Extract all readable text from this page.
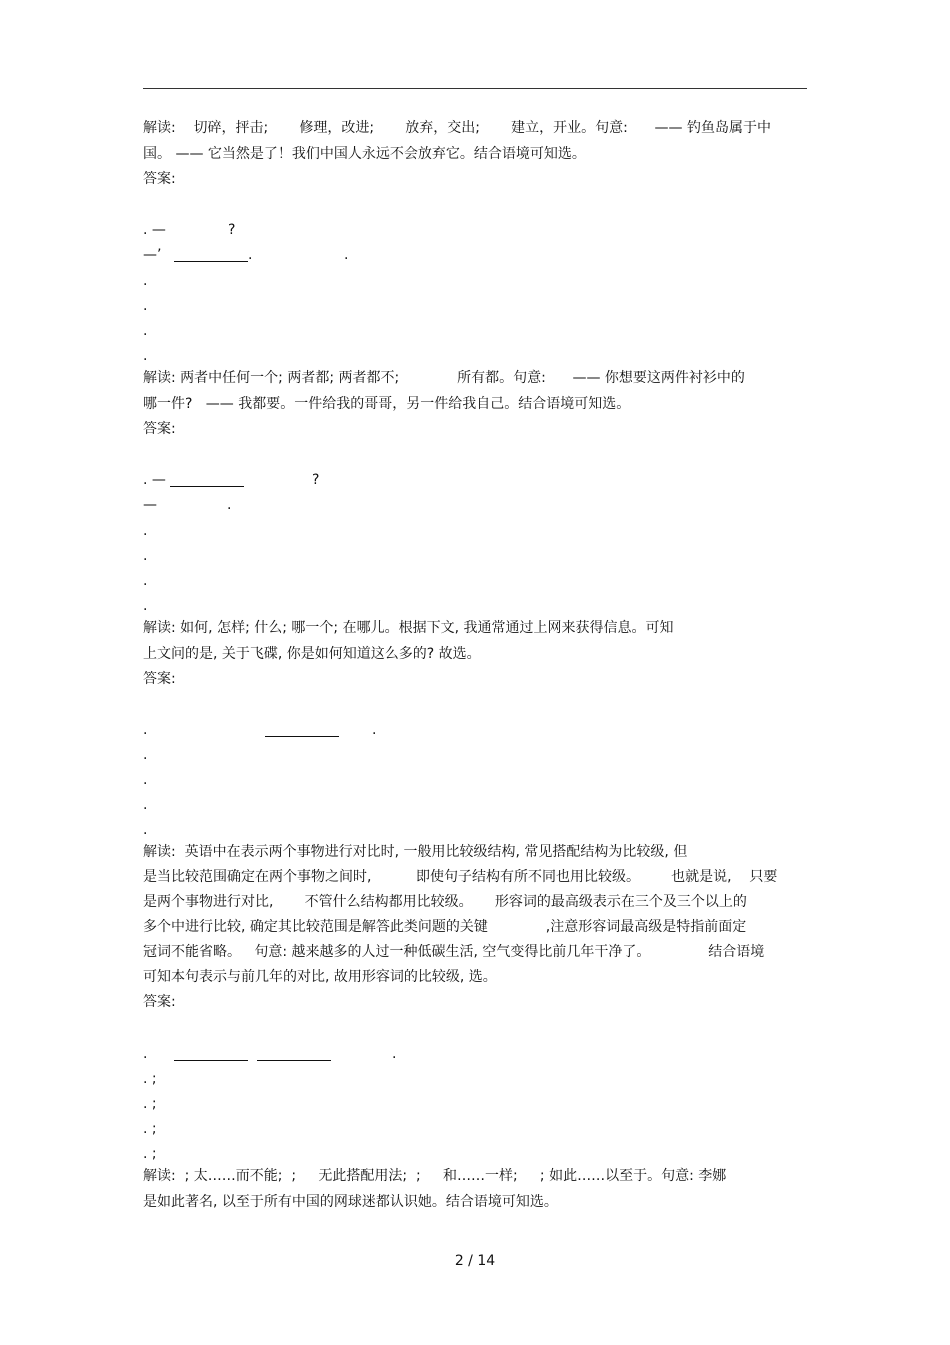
解读:    切碎，抨击;       修理，改进;       放弃，交出;       建立，开业。句意:      —— 钓鱼岛属于中
国。 —— 它当然是了！我们中国人永远不会放弃它。结合语境可知选。
答案:
. —	?
—’	.	.
.
.
.
.
解读: 两者中任何一个; 两者都; 两者都不;             所有都。句意:      —— 你想要这两件衬衫中的
哪一件?   —— 我都要。一件给我的哥哥，另一件给我自己。结合语境可知选。
答案:
. —	?
—	.
.
.
.
.
解读: 如何, 怎样; 什么; 哪一个; 在哪儿。根据下文, 我通常通过上网来获得信息。可知
上文问的是, 关于飞碟, 你是如何知道这么多的? 故选。
答案:
.	.
.
.
.
.
解读:  英语中在表示两个事物进行对比时, 一般用比较级结构, 常见搭配结构为比较级, 但
是当比较范围确定在两个事物之间时,          即使句子结构有所不同也用比较级。       也就是说,    只要
是两个事物进行对比,       不管什么结构都用比较级。     形容词的最高级表示在三个及三个以上的
多个中进行比较, 确定其比较范围是解答此类问题的关键             ,注意形容词最高级是特指前面定
冠词不能省略。   句意: 越来越多的人过一种低碳生活, 空气变得比前几年干净了。             结合语境
可知本句表示与前几年的对比, 故用形容词的比较级, 选。
答案:
.	.
. ;
. ;
. ;
. ;
解读:  ; 太……而不能;  ;     无此搭配用法;  ;     和……一样;     ; 如此……以至于。句意: 李娜
是如此著名, 以至于所有中国的网球迷都认识她。结合语境可知选。
2 / 14
